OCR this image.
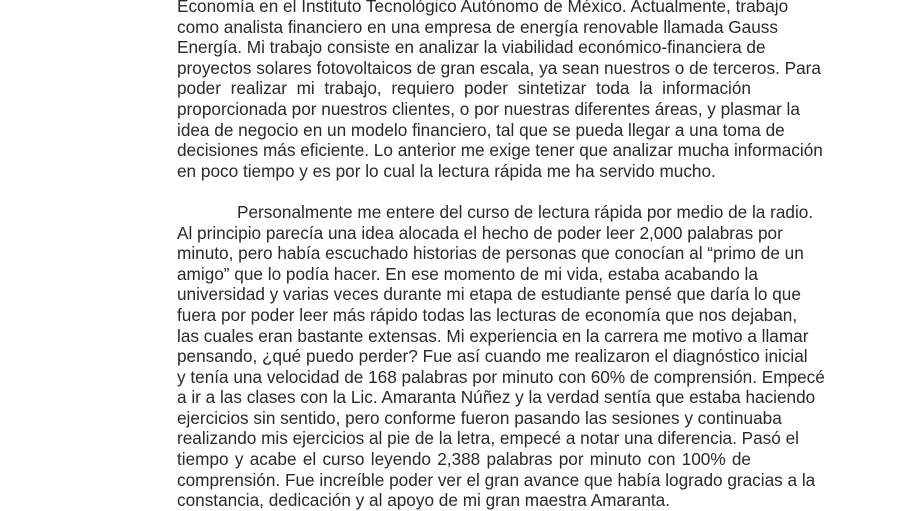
Economía en el Instituto Tecnológico Autónomo de México. Actualmente, trabajo
como analista financiero en una empresa de energía renovable llamada Gauss
Energía. Mi trabajo consiste en analizar la viabilidad económico-financiera de
proyectos solares fotovoltaicos de gran escala, ya sean nuestros o de terceros. Para
poder realizar mi trabajo, requiero poder sintetizar toda la información
proporcionada por nuestros clientes, o por nuestras diferentes áreas, y plasmar la
idea de negocio en un modelo financiero, tal que se pueda llegar a una toma de
decisiones más eficiente. Lo anterior me exige tener que analizar mucha información
en poco tiempo y es por lo cual la lectura rápida me ha servido mucho.

Personalmente me entere del curso de lectura rápida por medio de la radio.
Al principio parecía una idea alocada el hecho de poder leer 2,000 palabras por
minuto, pero había escuchado historias de personas que conocían al “primo de un
amigo” que lo podía hacer. En ese momento de mi vida, estaba acabando la
universidad y varias veces durante mi etapa de estudiante pensé que daría lo que
fuera por poder leer más rápido todas las lecturas de economía que nos dejaban,
las cuales eran bastante extensas. Mi experiencia en la carrera me motivo a llamar
pensando, ¿qué puedo perder? Fue así cuando me realizaron el diagnóstico inicial
y tenía una velocidad de 168 palabras por minuto con 60% de comprensión. Empecé
a ir a las clases con la Lic. Amaranta Núñez y la verdad sentía que estaba haciendo
ejercicios sin sentido, pero conforme fueron pasando las sesiones y continuaba
realizando mis ejercicios al pie de la letra, empecé a notar una diferencia. Pasó el
tiempo y acabe el curso leyendo 2,388 palabras por minuto con 100% de
comprensión. Fue increíble poder ver el gran avance que había logrado gracias a la
constancia, dedicación y al apoyo de mi gran maestra Amaranta.
